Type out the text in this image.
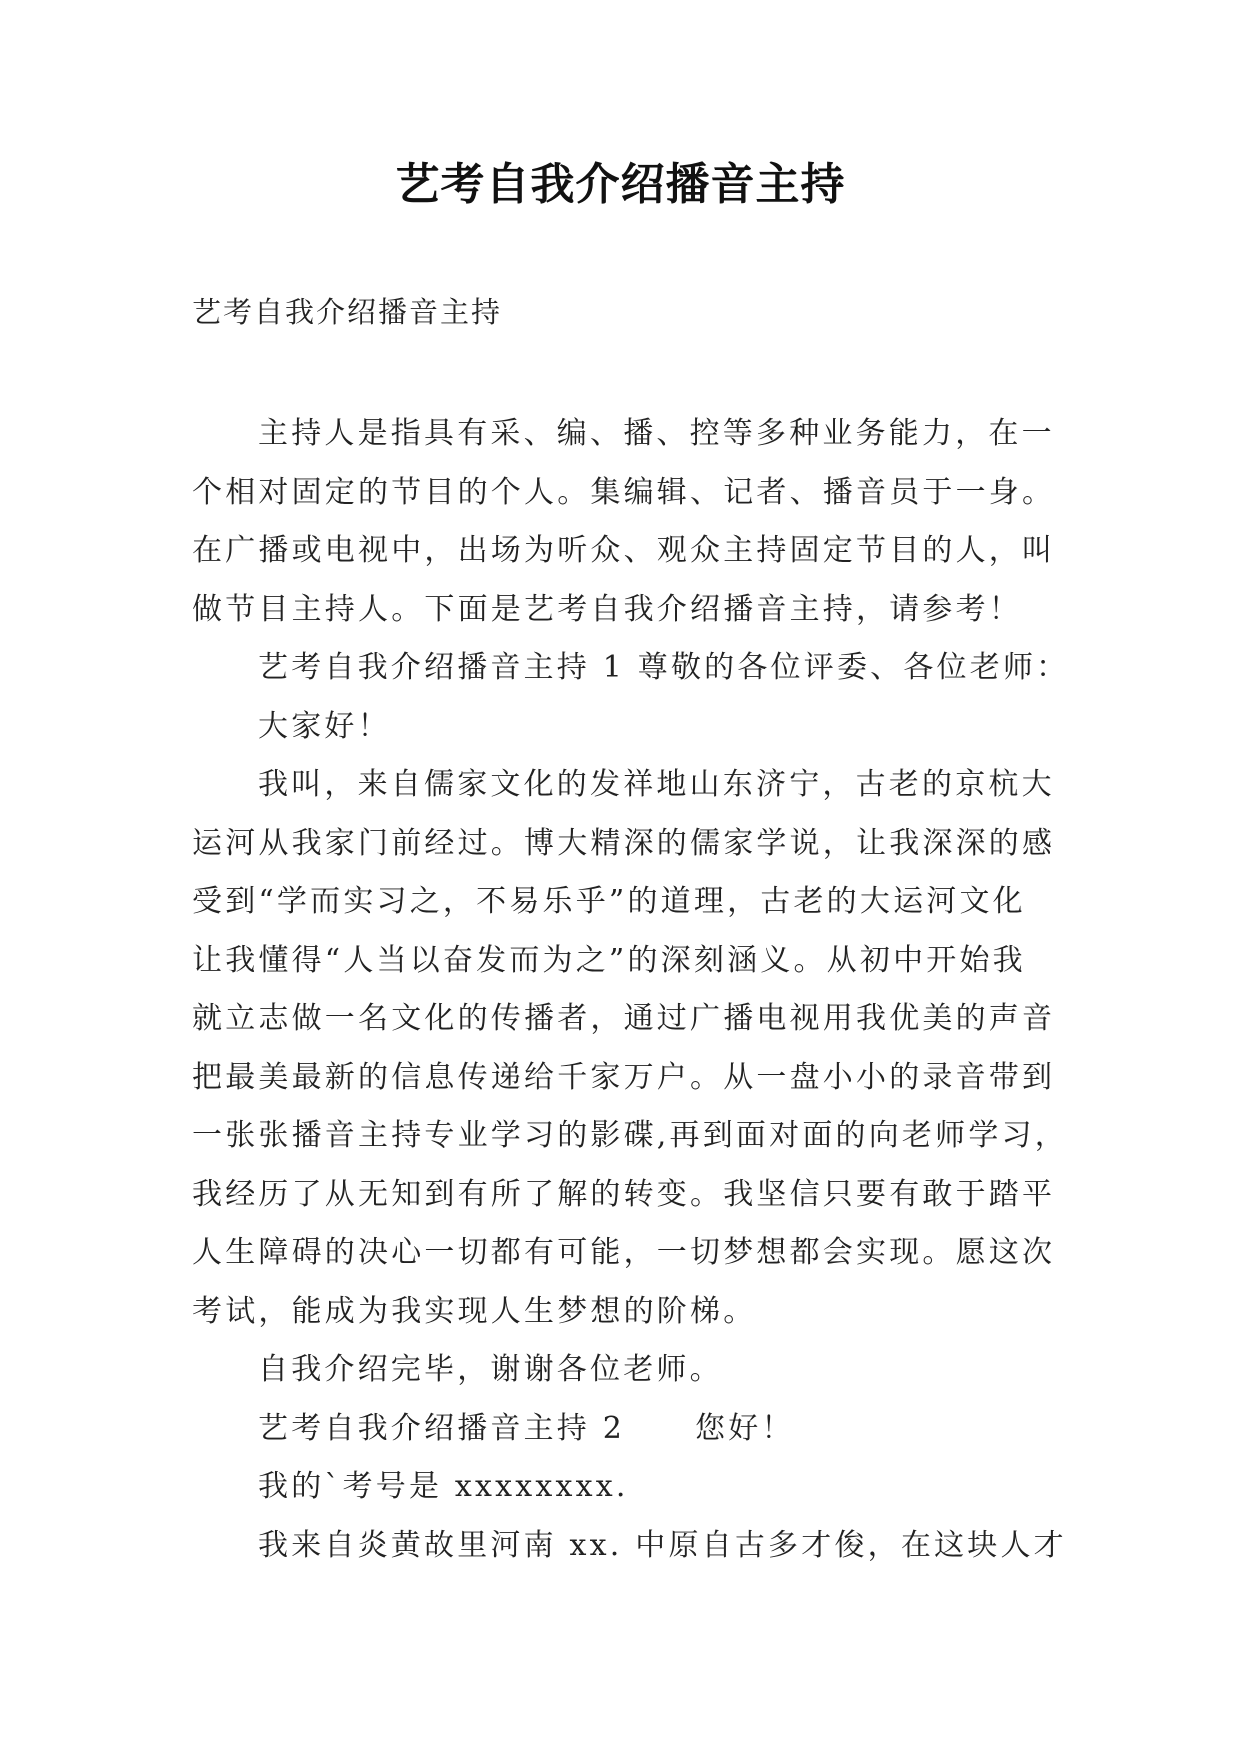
艺考自我介绍播音主持
艺考自我介绍播音主持
主持人是指具有采、编、播、控等多种业务能力，在一
个相对固定的节目的个人。集编辑、记者、播音员于一身。
在广播或电视中，出场为听众、观众主持固定节目的人，叫
做节目主持人。下面是艺考自我介绍播音主持，请参考！
艺考自我介绍播音主持 1 尊敬的各位评委、各位老师：
大家好！
我叫，来自儒家文化的发祥地山东济宁，古老的京杭大
运河从我家门前经过。博大精深的儒家学说，让我深深的感
受到“学而实习之，不易乐乎”的道理，古老的大运河文化
让我懂得“人当以奋发而为之”的深刻涵义。从初中开始我
就立志做一名文化的传播者，通过广播电视用我优美的声音
把最美最新的信息传递给千家万户。从一盘小小的录音带到
一张张播音主持专业学习的影碟,再到面对面的向老师学习，
我经历了从无知到有所了解的转变。我坚信只要有敢于踏平
人生障碍的决心一切都有可能，一切梦想都会实现。愿这次
考试，能成为我实现人生梦想的阶梯。
自我介绍完毕，谢谢各位老师。
艺考自我介绍播音主持 2 您好！
我的`考号是 xxxxxxxx.
我来自炎黄故里河南 xx. 中原自古多才俊，在这块人才
